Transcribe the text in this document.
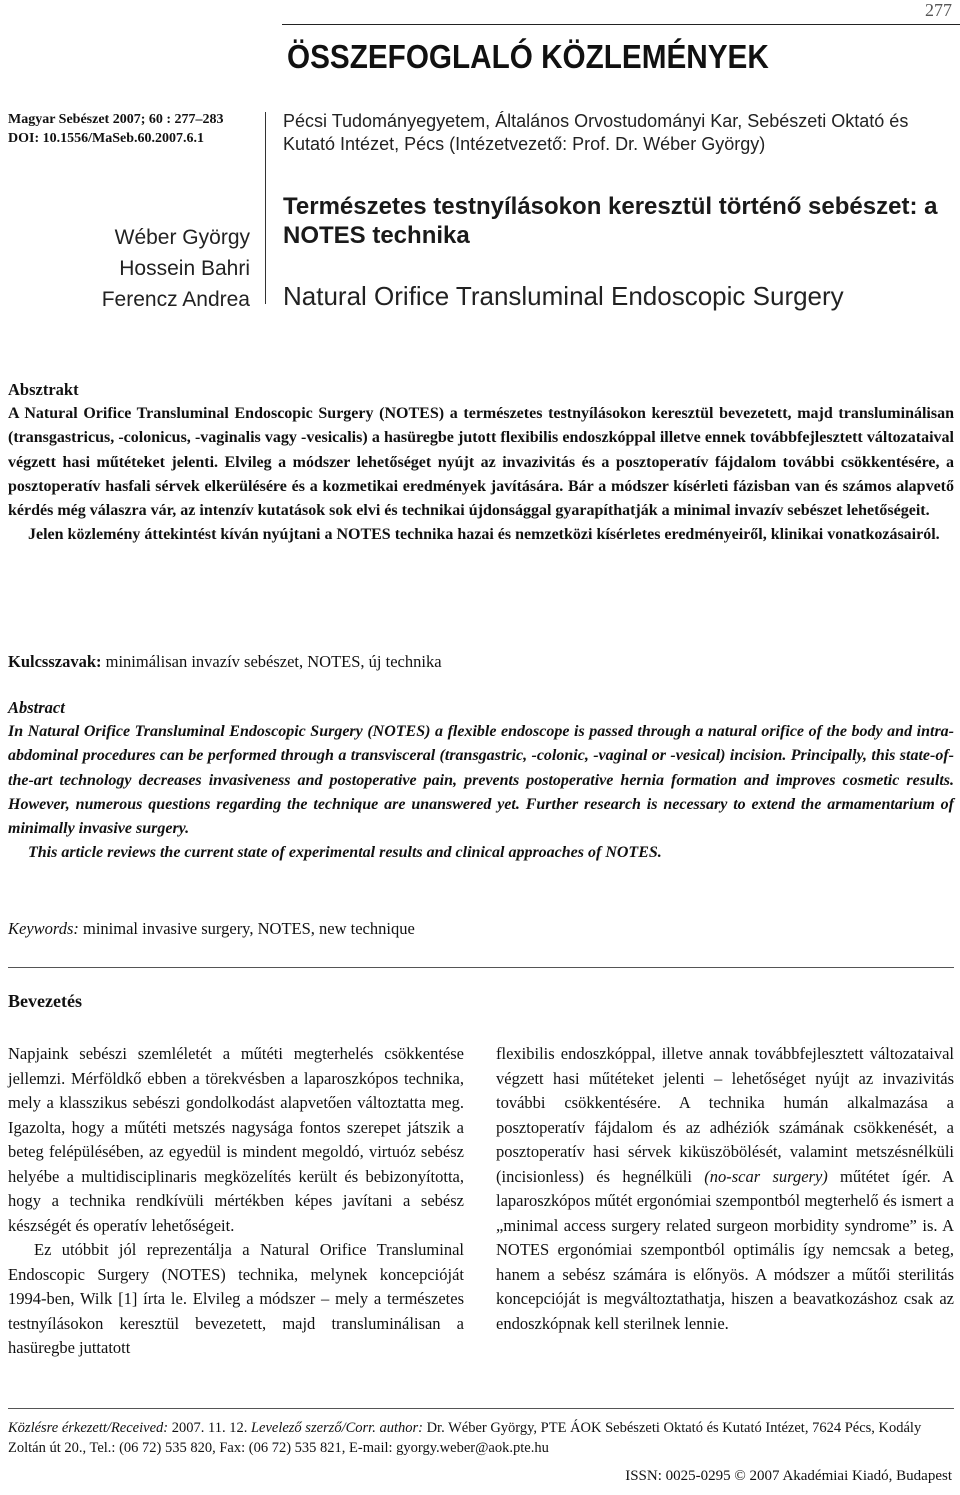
277
ÖSSZEFOGLALÓ KÖZLEMÉNYEK
Magyar Sebészet 2007; 60 : 277–283
DOI: 10.1556/MaSeb.60.2007.6.1
Wéber György
Hossein Bahri
Ferencz Andrea
Pécsi Tudományegyetem, Általános Orvostudományi Kar, Sebészeti Oktató és Kutató Intézet, Pécs (Intézetvezető: Prof. Dr. Wéber György)
Természetes testnyílásokon keresztül történő sebészet: a NOTES technika
Natural Orifice Transluminal Endoscopic Surgery
Absztrakt

A Natural Orifice Transluminal Endoscopic Surgery (NOTES) a természetes testnyílásokon keresztül bevezetett, majd transluminálisan (transgastricus, -colonicus, -vaginalis vagy -vesicalis) a hasüregbe jutott flexibilis endoszkóppal illetve ennek továbbfejlesztett változataival végzett hasi műtéteket jelenti. Elvileg a módszer lehetőséget nyújt az invazivitás és a posztoperatív fájdalom további csökkentésére, a posztoperatív hasfali sérvek elkerülésére és a kozmetikai eredmények javítására. Bár a módszer kísérleti fázisban van és számos alapvető kérdés még válaszra vár, az intenzív kutatások sok elvi és technikai újdonsággal gyarapíthatják a minimal invazív sebészet lehetőségeit.

Jelen közlemény áttekintést kíván nyújtani a NOTES technika hazai és nemzetközi kísérletes eredményeiről, klinikai vonatkozásairól.

Kulcsszavak: minimálisan invazív sebészet, NOTES, új technika
Abstract

In Natural Orifice Transluminal Endoscopic Surgery (NOTES) a flexible endoscope is passed through a natural orifice of the body and intra-abdominal procedures can be performed through a transvisceral (transgastric, -colonic, -vaginal or -vesical) incision. Principally, this state-of-the-art technology decreases invasiveness and postoperative pain, prevents postoperative hernia formation and improves cosmetic results. However, numerous questions regarding the technique are unanswered yet. Further research is necessary to extend the armamentarium of minimally invasive surgery.

This article reviews the current state of experimental results and clinical approaches of NOTES.

Keywords: minimal invasive surgery, NOTES, new technique
Bevezetés

Napjaink sebészi szemléletét a műtéti megterhelés csökkentése jellemzi. Mérföldkő ebben a törekvésben a laparoszkópos technika, mely a klasszikus sebészi gondolkodást alapvetően változtatta meg. Igazolta, hogy a műtéti metszés nagysága fontos szerepet játszik a beteg felépülésében, az egyedül is mindent megoldó, virtuóz sebész helyébe a multidisciplinaris megközelítés került és bebizonyította, hogy a technika rendkívüli mértékben képes javítani a sebész készségét és operatív lehetőségeit.

Ez utóbbit jól reprezentálja a Natural Orifice Transluminal Endoscopic Surgery (NOTES) technika, melynek koncepcióját 1994-ben, Wilk [1] írta le. Elvileg a módszer – mely a természetes testnyílásokon keresztül bevezetett, majd transluminálisan a hasüregbe juttatott

flexibilis endoszkóppal, illetve annak továbbfejlesztett változataival végzett hasi műtéteket jelenti – lehetőséget nyújt az invazivitás további csökkentésére. A technika humán alkalmazása a posztoperatív fájdalom és az adhéziók számának csökkenését, a posztoperatív hasi sérvek kiküszöbölését, valamint metszésnélküli (incisionless) és hegnélküli (no-scar surgery) műtétet ígér. A laparoszkópos műtét ergonómiai szempontból megterhelő és ismert a „minimal access surgery related surgeon morbidity syndrome” is. A NOTES ergonómiai szempontból optimális így nemcsak a beteg, hanem a sebész számára is előnyös. A módszer a műtői sterilitás koncepcióját is megváltoztathatja, hiszen a beavatkozáshoz csak az endoszkópnak kell sterilnek lennie.

Közlésre érkezett/Received: 2007. 11. 12. Levelező szerző/Corr. author: Dr. Wéber György, PTE ÁOK Sebészeti Oktató és Kutató Intézet, 7624 Pécs, Kodály Zoltán út 20., Tel.: (06 72) 535 820, Fax: (06 72) 535 821, E-mail: gyorgy.weber@aok.pte.hu
ISSN: 0025-0295 © 2007 Akadémiai Kiadó, Budapest
